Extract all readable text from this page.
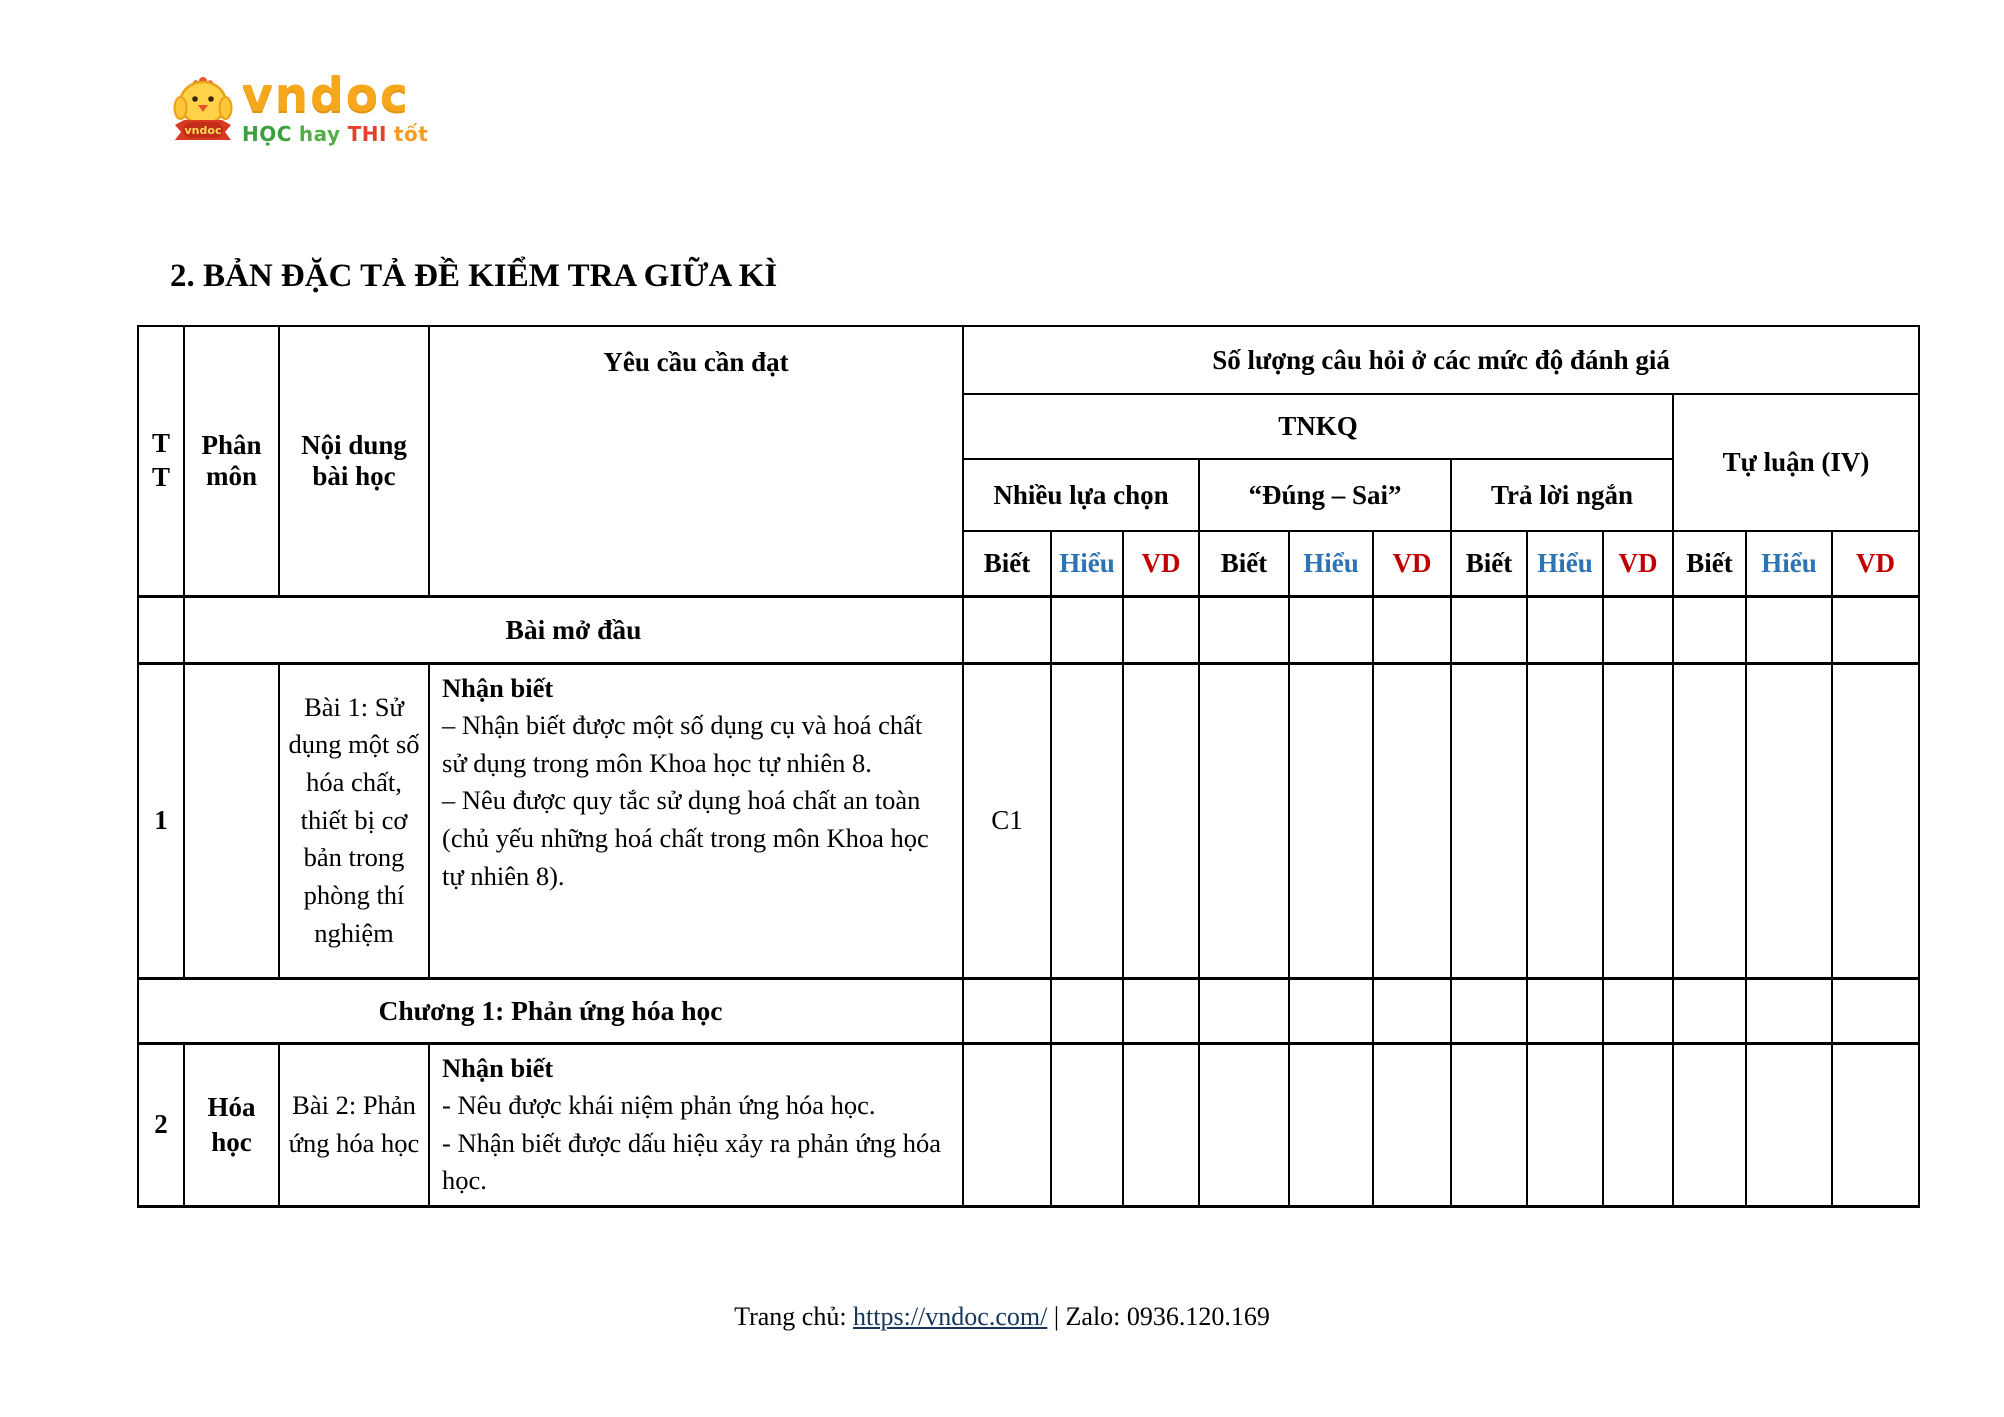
vndoc
vndoc
HỌC hay THI tốt
2. BẢN ĐẶC TẢ ĐỀ KIỂM TRA GIỮA KÌ
TT	Phân môn	Nội dung bài học	Yêu cầu cần đạt	Số lượng câu hỏi ở các mức độ đánh giá											
				TNKQ									Tự luận (IV)		
				Nhiều lựa chọn			“Đúng – Sai”			Trả lời ngắn					
				Biết	Hiểu	VD	Biết	Hiểu	VD	Biết	Hiểu	VD	Biết	Hiểu	VD
	Bài mở đầu														
1		Bài 1: Sử dụng một số hóa chất, thiết bị cơ bản trong phòng thí nghiệm	Nhận biết
– Nhận biết được một số dụng cụ và hoá chất sử dụng trong môn Khoa học tự nhiên 8.
– Nêu được quy tắc sử dụng hoá chất an toàn (chủ yếu những hoá chất trong môn Khoa học tự nhiên 8).	C1											
Chương 1: Phản ứng hóa học															
2	Hóa học	Bài 2: Phản ứng hóa học	Nhận biết
- Nêu được khái niệm phản ứng hóa học.
- Nhận biết được dấu hiệu xảy ra phản ứng hóa học.												

Trang chủ: https://vndoc.com/ | Zalo: 0936.120.169
